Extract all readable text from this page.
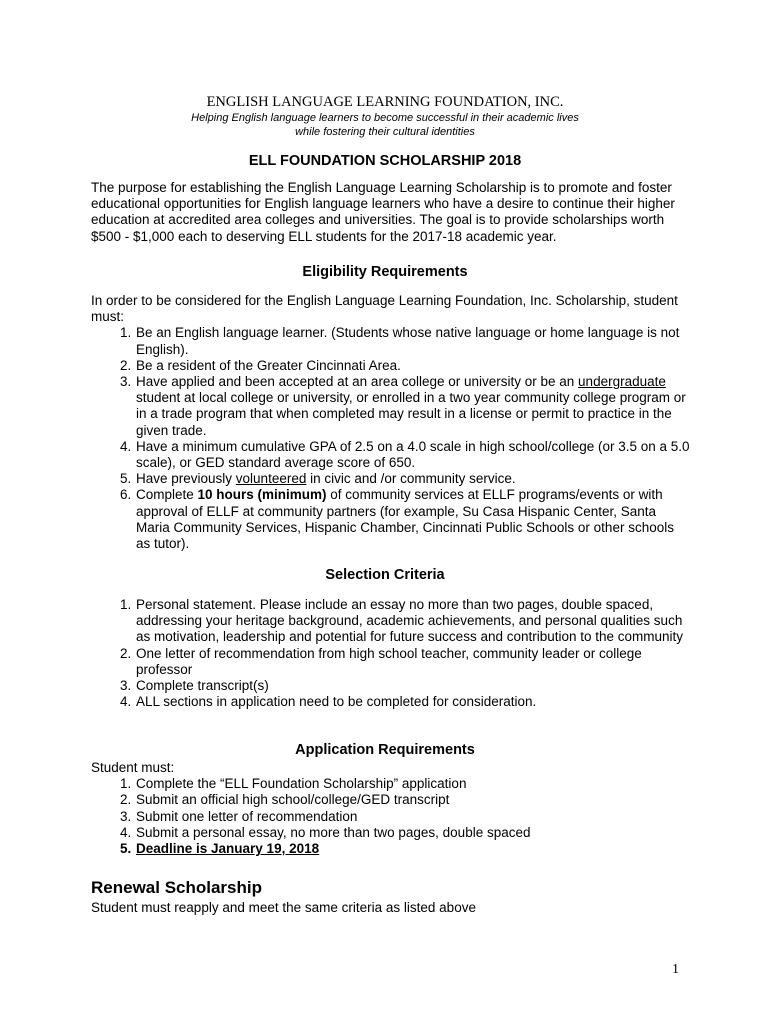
ENGLISH LANGUAGE LEARNING FOUNDATION, INC.
Helping English language learners to become successful in their academic lives
while fostering their cultural identities
ELL FOUNDATION SCHOLARSHIP 2018
The purpose for establishing the English Language Learning Scholarship is to promote and foster educational opportunities for English language learners who have a desire to continue their higher education at accredited area colleges and universities. The goal is to provide scholarships worth $500 - $1,000 each to deserving ELL students for the 2017-18 academic year.
Eligibility Requirements
In order to be considered for the English Language Learning Foundation, Inc. Scholarship, student must:
1. Be an English language learner. (Students whose native language or home language is not English).
2. Be a resident of the Greater Cincinnati Area.
3. Have applied and been accepted at an area college or university or be an undergraduate student at local college or university, or enrolled in a two year community college program or in a trade program that when completed may result in a license or permit to practice in the given trade.
4. Have a minimum cumulative GPA of 2.5 on a 4.0 scale in high school/college (or 3.5 on a 5.0 scale), or GED standard average score of 650.
5. Have previously volunteered in civic and /or community service.
6. Complete 10 hours (minimum) of community services at ELLF programs/events or with approval of ELLF at community partners (for example, Su Casa Hispanic Center, Santa Maria Community Services, Hispanic Chamber, Cincinnati Public Schools or other schools as tutor).
Selection Criteria
1. Personal statement. Please include an essay no more than two pages, double spaced, addressing your heritage background, academic achievements, and personal qualities such as motivation, leadership and potential for future success and contribution to the community
2. One letter of recommendation from high school teacher, community leader or college professor
3. Complete transcript(s)
4. ALL sections in application need to be completed for consideration.
Application Requirements
Student must:
1. Complete the “ELL Foundation Scholarship” application
2. Submit an official high school/college/GED transcript
3. Submit one letter of recommendation
4. Submit a personal essay, no more than two pages, double spaced
5. Deadline is January 19, 2018
Renewal Scholarship
Student must reapply and meet the same criteria as listed above
1
